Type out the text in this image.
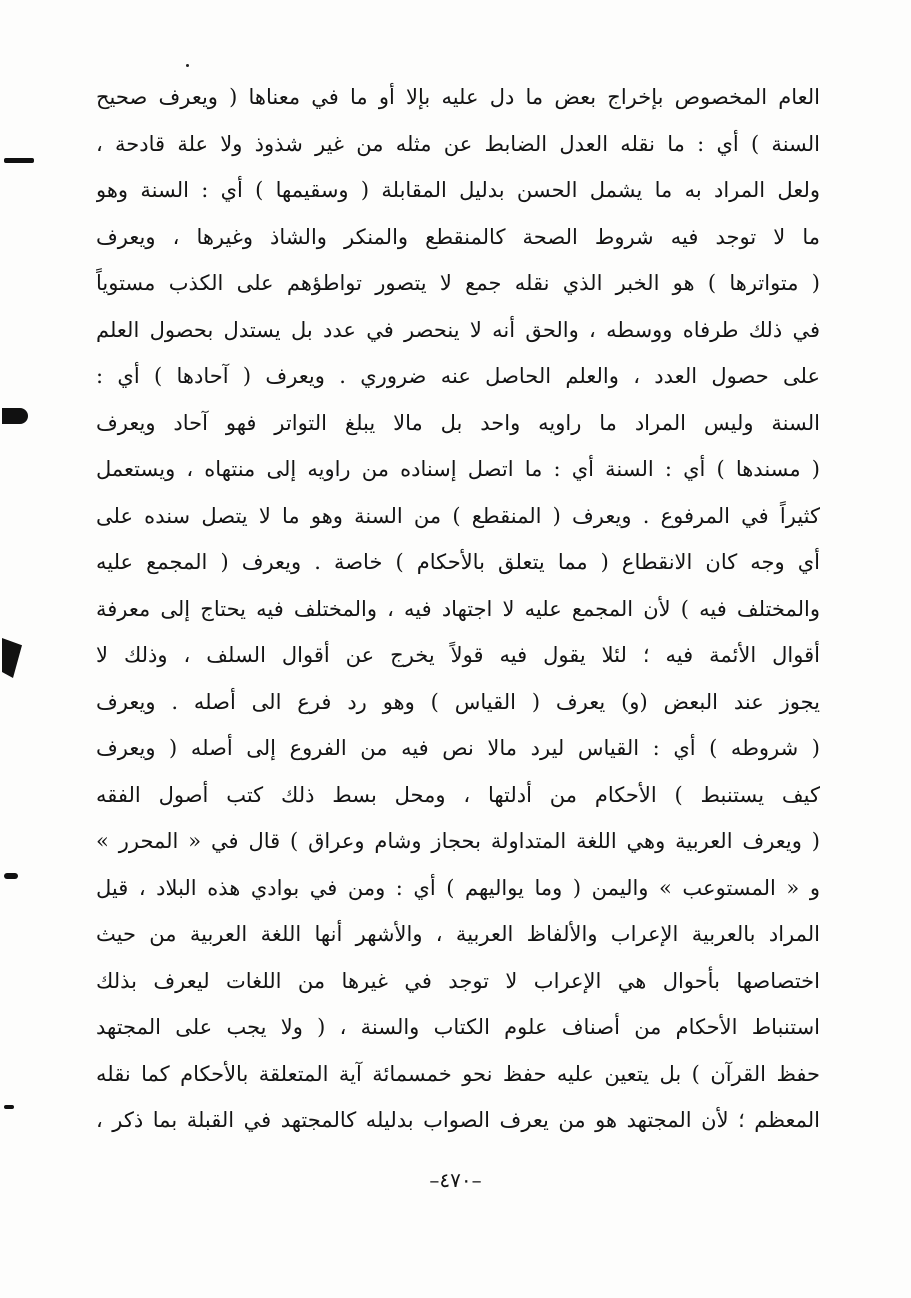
العام المخصوص بإخراج بعض ما دل عليه بإلا أو ما في معناها ( ويعرف صحيح
السنة ) أي : ما نقله العدل الضابط عن مثله من غير شذوذ ولا علة قادحة ،
ولعل المراد به ما يشمل الحسن بدليل المقابلة ( وسقيمها ) أي : السنة وهو
ما لا توجد فيه شروط الصحة كالمنقطع والمنكر والشاذ وغيرها ، ويعرف
( متواترها ) هو الخبر الذي نقله جمع لا يتصور تواطؤهم على الكذب مستوياً
في ذلك طرفاه ووسطه ، والحق أنه لا ينحصر في عدد بل يستدل بحصول العلم
على حصول العدد ، والعلم الحاصل عنه ضروري . ويعرف ( آحادها ) أي :
السنة وليس المراد ما راويه واحد بل مالا يبلغ التواتر فهو آحاد ويعرف
( مسندها ) أي : السنة أي : ما اتصل إسناده من راويه إلى منتهاه ، ويستعمل
كثيراً في المرفوع . ويعرف ( المنقطع ) من السنة وهو ما لا يتصل سنده على
أي وجه كان الانقطاع ( مما يتعلق بالأحكام ) خاصة . ويعرف ( المجمع عليه
والمختلف فيه ) لأن المجمع عليه لا اجتهاد فيه ، والمختلف فيه يحتاج إلى معرفة
أقوال الأئمة فيه ؛ لئلا يقول فيه قولاً يخرج عن أقوال السلف ، وذلك لا
يجوز عند البعض (و) يعرف ( القياس ) وهو رد فرع الى أصله . ويعرف
( شروطه ) أي : القياس ليرد مالا نص فيه من الفروع إلى أصله ( ويعرف
كيف يستنبط ) الأحكام من أدلتها ، ومحل بسط ذلك كتب أصول الفقه
( ويعرف العربية وهي اللغة المتداولة بحجاز وشام وعراق ) قال في « المحرر »
و « المستوعب » واليمن ( وما يواليهم ) أي : ومن في بوادي هذه البلاد ، قيل
المراد بالعربية الإعراب والألفاظ العربية ، والأشهر أنها اللغة العربية من حيث
اختصاصها بأحوال هي الإعراب لا توجد في غيرها من اللغات ليعرف بذلك
استنباط الأحكام من أصناف علوم الكتاب والسنة ، ( ولا يجب على المجتهد
حفظ القرآن ) بل يتعين عليه حفظ نحو خمسمائة آية المتعلقة بالأحكام كما نقله
المعظم ؛ لأن المجتهد هو من يعرف الصواب بدليله كالمجتهد في القبلة بما ذكر ،
–٤٧٠–
